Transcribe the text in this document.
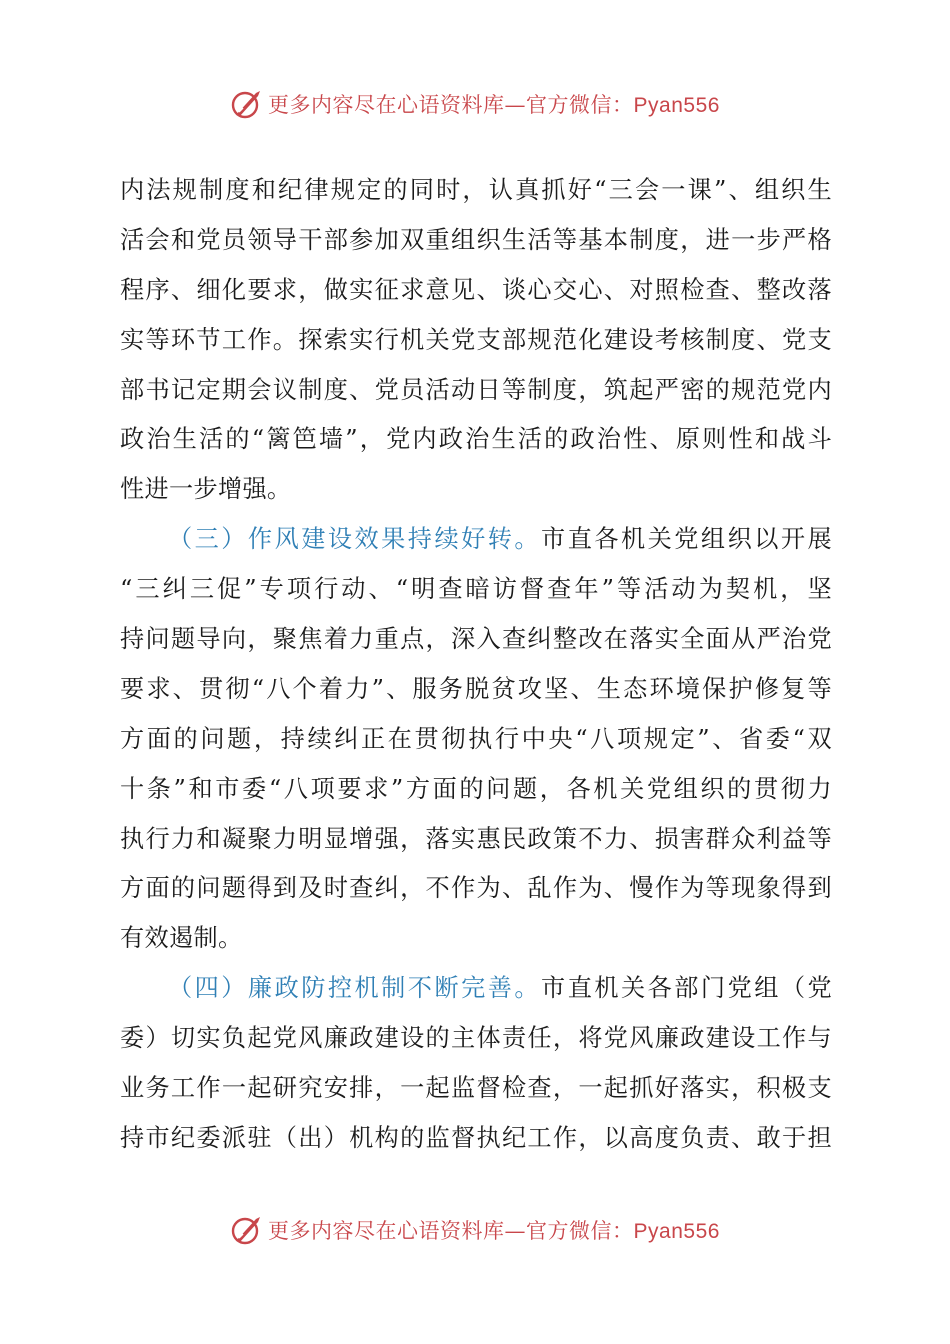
更多内容尽在心语资料库—官方微信：Pyan556
内法规制度和纪律规定的同时，认真抓好“三会一课”、组织生
活会和党员领导干部参加双重组织生活等基本制度，进一步严格
程序、细化要求，做实征求意见、谈心交心、对照检查、整改落
实等环节工作。探索实行机关党支部规范化建设考核制度、党支
部书记定期会议制度、党员活动日等制度，筑起严密的规范党内
政治生活的“篱笆墙”，党内政治生活的政治性、原则性和战斗
性进一步增强。
（三）作风建设效果持续好转。市直各机关党组织以开展
“三纠三促”专项行动、“明查暗访督查年”等活动为契机，坚
持问题导向，聚焦着力重点，深入查纠整改在落实全面从严治党
要求、贯彻“八个着力”、服务脱贫攻坚、生态环境保护修复等
方面的问题，持续纠正在贯彻执行中央“八项规定”、省委“双
十条”和市委“八项要求”方面的问题，各机关党组织的贯彻力
执行力和凝聚力明显增强，落实惠民政策不力、损害群众利益等
方面的问题得到及时查纠，不作为、乱作为、慢作为等现象得到
有效遏制。
（四）廉政防控机制不断完善。市直机关各部门党组（党
委）切实负起党风廉政建设的主体责任，将党风廉政建设工作与
业务工作一起研究安排，一起监督检查，一起抓好落实，积极支
持市纪委派驻（出）机构的监督执纪工作，以高度负责、敢于担
更多内容尽在心语资料库—官方微信：Pyan556
